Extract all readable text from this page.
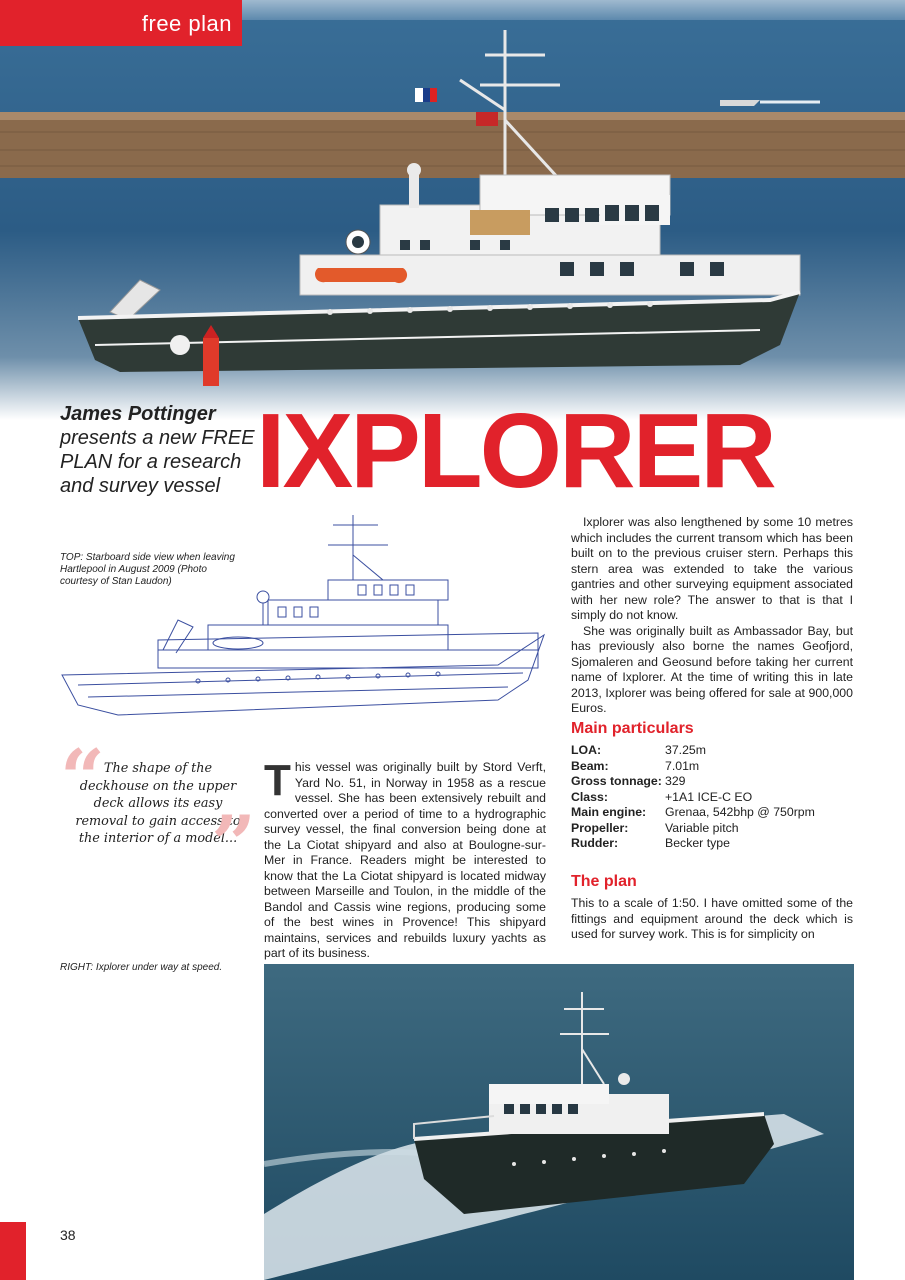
free plan
James Pottinger
presents a new FREE PLAN for a research and survey vessel IXPLORER
TOP: Starboard side view when leaving Hartlepool in August 2009 (Photo courtesy of Stan Laudon)

Ixplorer was also lengthened by some 10 metres which includes the current transom which has been built on to the previous cruiser stern. Perhaps this stern area was extended to take the various gantries and other surveying equipment associated with her new role? The answer to that is that I simply do not know.

She was originally built as Ambassador Bay, but has previously also borne the names Geofjord, Sjomaleren and Geosund before taking her current name of Ixplorer. At the time of writing this in late 2013, Ixplorer was being offered for sale at 900,000 Euros.

Main particulars
LOA:	37.25m
Beam:	7.01m
Gross tonnage: 329
Class:	+1A1 ICE-C EO
Main engine:	Grenaa, 542bhp @ 750rpm
Propeller:	Variable pitch
Rudder:	Becker type
The plan

This to a scale of 1:50. I have omitted some of the fittings and equipment around the deck which is used for survey work. This is for simplicity on

“ The shape of the deckhouse on the upper deck allows its easy removal to gain access to the interior of a model...
”
T his vessel was originally built by Stord Verft, Yard No. 51, in Norway in 1958 as a rescue vessel. She has been extensively rebuilt and converted over a period of time to a hydrographic survey vessel, the final conversion being done at the La Ciotat shipyard and also at Boulogne-sur-Mer in France. Readers might be interested to know that the La Ciotat shipyard is located midway between Marseille and Toulon, in the middle of the Bandol and Cassis wine regions, producing some of the best wines in Provence! This shipyard maintains, services and rebuilds luxury yachts as part of its business.

RIGHT: Ixplorer under way at speed.
38
